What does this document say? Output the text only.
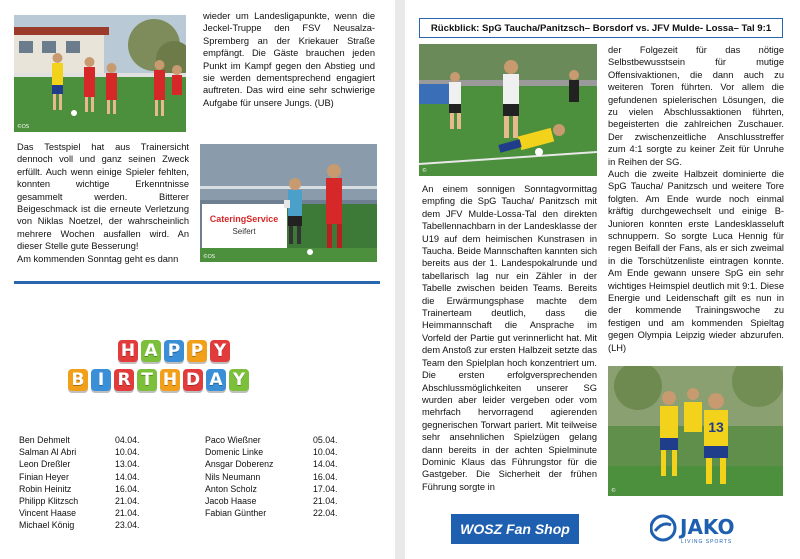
©DS
wieder um Landesligapunkte, wenn die Jeckel-Truppe den FSV Neusalza-Spremberg an der Kriekauer Straße empfängt. Die Gäste brauchen jeden Punkt im Kampf gegen den Abstieg und sie werden dementsprechend engagiert auftreten. Das wird eine sehr schwierige Aufgabe für unsere Jungs. (UB)
Das Testspiel hat aus Trainersicht dennoch voll und ganz seinen Zweck erfüllt. Auch wenn einige Spieler fehlten, konnten wichtige Erkenntnisse gesammelt werden. Bitterer Beigeschmack ist die erneute Verletzung von Niklas Noetzel, der wahrscheinlich mehrere Wochen ausfallen wird. An dieser Stelle gute Besserung!
Am kommenden Sonntag geht es dann
CateringService
Seifert
©DS
H A P P Y
B I R T H D A Y
Ben Dehmelt	04.04.
Salman Al Abri	10.04.
Leon Dreßler	13.04.
Finian Heyer	14.04.
Robin Heinitz	16.04.
Philipp Klitzsch	21.04.
Vincent Haase	21.04.
Michael König	23.04.
Paco Wießner	05.04.
Domenic Linke	10.04.
Ansgar Doberenz	14.04.
Nils Neumann	16.04.
Anton Scholz	17.04.
Jacob Haase	21.04.
Fabian Günther	22.04.
Rückblick: SpG Taucha/Panitzsch– Borsdorf vs. JFV Mulde- Lossa– Tal 9:1
©
An einem sonnigen Sonntagvormittag empfing die SpG Taucha/ Panitzsch mit dem JFV Mulde-Lossa-Tal den direkten Tabellennachbarn in der Landesklasse der U19 auf dem heimischen Kunstrasen in Taucha. Beide Mannschaften kannten sich bereits aus der 1. Landespokalrunde und tabellarisch lag nur ein Zähler in der Tabelle zwischen beiden Teams. Bereits die Erwärmungsphase machte dem Trainerteam deutlich, dass die Heimmannschaft die Ansprache im Vorfeld der Partie gut verinnerlicht hat. Mit dem Anstoß zur ersten Halbzeit setzte das Team den Spielplan hoch konzentriert um. Die ersten erfolgversprechenden Abschlussmöglichkeiten unserer SG wurden aber leider vergeben oder vom mehrfach hervorragend agierenden gegnerischen Torwart pariert. Mit teilweise sehr ansehnlichen Spielzügen gelang dann bereits in der achten Spielminute Dominic Klaus das Führungstor für die Gastgeber. Die Sicherheit der frühen Führung sorgte in
der Folgezeit für das nötige Selbstbewusstsein für mutige Offensivaktionen, die dann auch zu weiteren Toren führten. Vor allem die gefundenen spielerischen Lösungen, die zu vielen Abschlussaktionen führten, begeisterten die zahlreichen Zuschauer. Der zwischenzeitliche Anschlusstreffer zum 4:1 sorgte zu keiner Zeit für Unruhe in Reihen der SG.
Auch die zweite Halbzeit dominierte die SpG Taucha/ Panitzsch und weitere Tore folgten. Am Ende wurde noch einmal kräftig durchgewechselt und einige B-Junioren konnten erste Landesklasseluft schnuppern. So sorgte Luca Hennig für regen Beifall der Fans, als er sich zweimal in die Torschützenliste eintragen konnte. Am Ende gewann unsere SpG ein sehr wichtiges Heimspiel deutlich mit 9:1. Diese Energie und Leidenschaft gilt es nun in der kommende Trainingswoche zu festigen und am kommenden Spieltag gegen Olympia Leipzig wieder abzurufen. (LH)
13
©
WOSZ Fan Shop	JAKO
LIVING SPORTS
